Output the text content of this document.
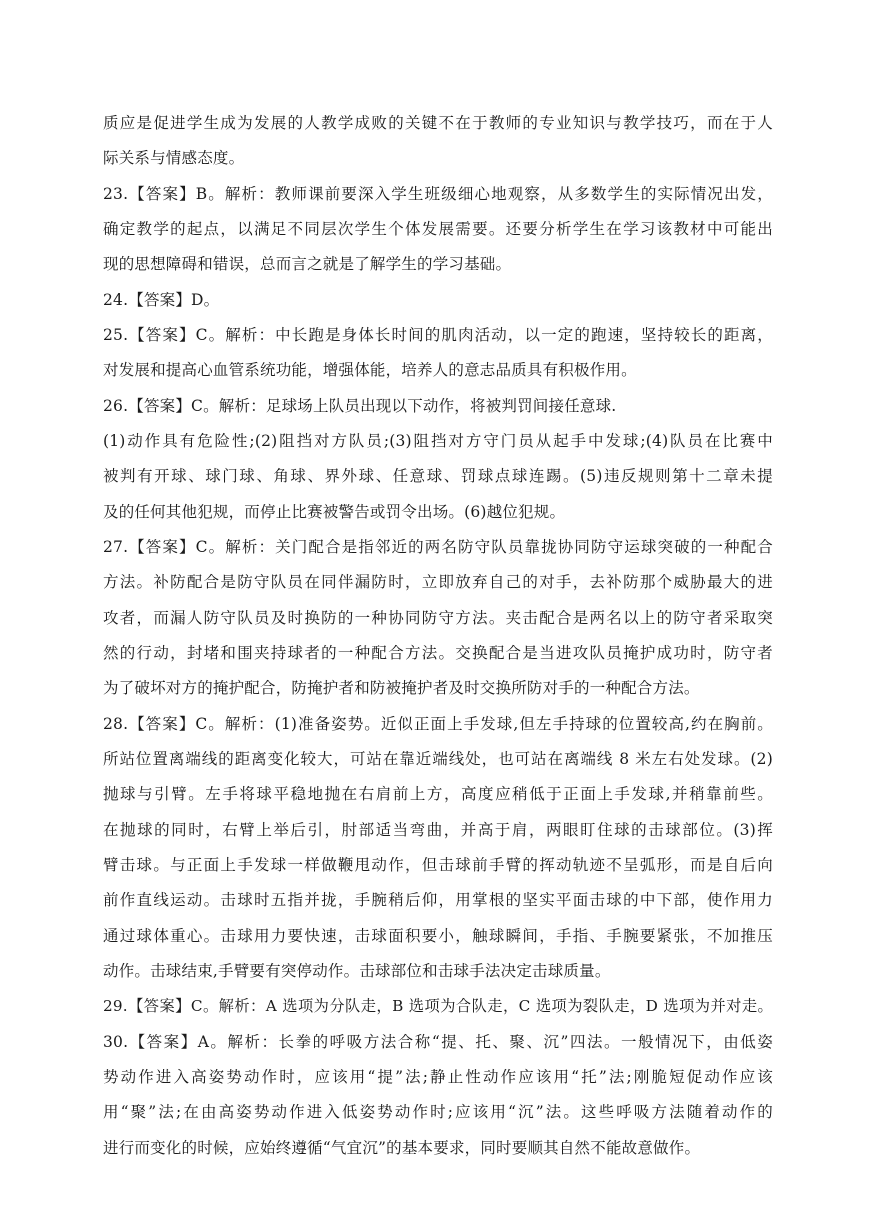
质应是促进学生成为发展的人教学成败的关键不在于教师的专业知识与教学技巧，而在于人
际关系与情感态度。
23.【答案】B。解析：教师课前要深入学生班级细心地观察，从多数学生的实际情况出发，
确定教学的起点，以满足不同层次学生个体发展需要。还要分析学生在学习该教材中可能出
现的思想障碍和错误，总而言之就是了解学生的学习基础。
24.【答案】D。
25.【答案】C。解析：中长跑是身体长时间的肌肉活动，以一定的跑速，坚持较长的距离，
对发展和提高心血管系统功能，增强体能，培养人的意志品质具有积极作用。
26.【答案】C。解析：足球场上队员出现以下动作，将被判罚间接任意球.
(1)动作具有危险性;(2)阻挡对方队员;(3)阻挡对方守门员从起手中发球;(4)队员在比赛中
被判有开球、球门球、角球、界外球、任意球、罚球点球连踢。(5)违反规则第十二章未提
及的任何其他犯规，而停止比赛被警告或罚令出场。(6)越位犯规。
27.【答案】C。解析：关门配合是指邻近的两名防守队员靠拢协同防守运球突破的一种配合
方法。补防配合是防守队员在同伴漏防时，立即放弃自己的对手，去补防那个威胁最大的进
攻者，而漏人防守队员及时换防的一种协同防守方法。夹击配合是两名以上的防守者采取突
然的行动，封堵和围夹持球者的一种配合方法。交换配合是当进攻队员掩护成功时，防守者
为了破坏对方的掩护配合，防掩护者和防被掩护者及时交换所防对手的一种配合方法。
28.【答案】C。解析：(1)准备姿势。近似正面上手发球,但左手持球的位置较高,约在胸前。
所站位置离端线的距离变化较大，可站在靠近端线处，也可站在离端线 8 米左右处发球。(2)
抛球与引臂。左手将球平稳地抛在右肩前上方，高度应稍低于正面上手发球,并稍靠前些。
在抛球的同时，右臂上举后引，肘部适当弯曲，并高于肩，两眼盯住球的击球部位。(3)挥
臂击球。与正面上手发球一样做鞭甩动作，但击球前手臂的挥动轨迹不呈弧形，而是自后向
前作直线运动。击球时五指并拢，手腕稍后仰，用掌根的坚实平面击球的中下部，使作用力
通过球体重心。击球用力要快速，击球面积要小，触球瞬间，手指、手腕要紧张，不加推压
动作。击球结束,手臂要有突停动作。击球部位和击球手法决定击球质量。
29.【答案】C。解析：A 选项为分队走，B 选项为合队走，C 选项为裂队走，D 选项为并对走。
30.【答案】A。解析：长拳的呼吸方法合称“提、托、聚、沉”四法。一般情况下，由低姿
势动作进入高姿势动作时，应该用“提”法;静止性动作应该用“托”法;刚脆短促动作应该
用“聚”法;在由高姿势动作进入低姿势动作时;应该用“沉”法。这些呼吸方法随着动作的
进行而变化的时候，应始终遵循“气宜沉”的基本要求，同时要顺其自然不能故意做作。
